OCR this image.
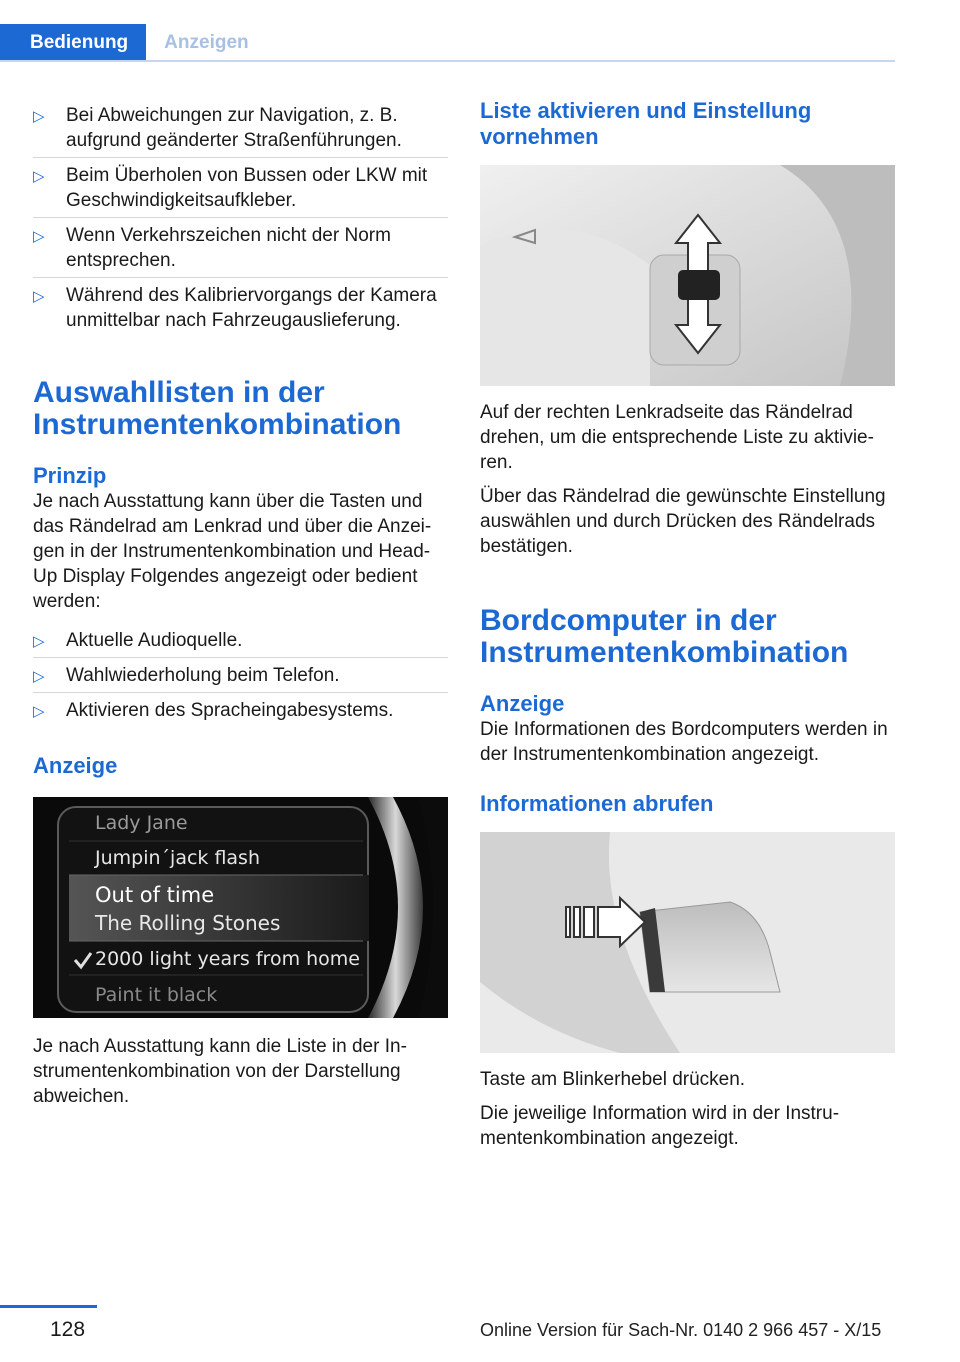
Bedienung	Anzeigen
▷ Bei Abweichungen zur Navigation, z. B. aufgrund geänderter Straßenführungen.
▷ Beim Überholen von Bussen oder LKW mit Geschwindigkeitsaufkleber.
▷ Wenn Verkehrszeichen nicht der Norm entsprechen.
▷ Während des Kalibriervorgangs der Kamera unmittelbar nach Fahrzeugauslieferung.
Auswahllisten in der Instrumentenkombination
Prinzip

Je nach Ausstattung kann über die Tasten und das Rändelrad am Lenkrad und über die Anzeigen in der Instrumentenkombination und Head-Up Display Folgendes angezeigt oder bedient werden:

▷ Aktuelle Audioquelle.
▷ Wahlwiederholung beim Telefon.
▷ Aktivieren des Spracheingabesystems.
Anzeige
Lady Jane
Jumpin´jack flash
Out of time
The Rolling Stones
2000 light years from home
Paint it black

Je nach Ausstattung kann die Liste in der Instrumentenkombination von der Darstellung abweichen.

Liste aktivieren und Einstellung vornehmen

Auf der rechten Lenkradseite das Rändelrad drehen, um die entsprechende Liste zu aktivieren.

Über das Rändelrad die gewünschte Einstellung auswählen und durch Drücken des Rändelrads bestätigen.

Bordcomputer in der Instrumentenkombination
Anzeige

Die Informationen des Bordcomputers werden in der Instrumentenkombination angezeigt.

Informationen abrufen

Taste am Blinkerhebel drücken.

Die jeweilige Information wird in der Instrumentenkombination angezeigt.

128	Online Version für Sach-Nr. 0140 2 966 457 - X/15
